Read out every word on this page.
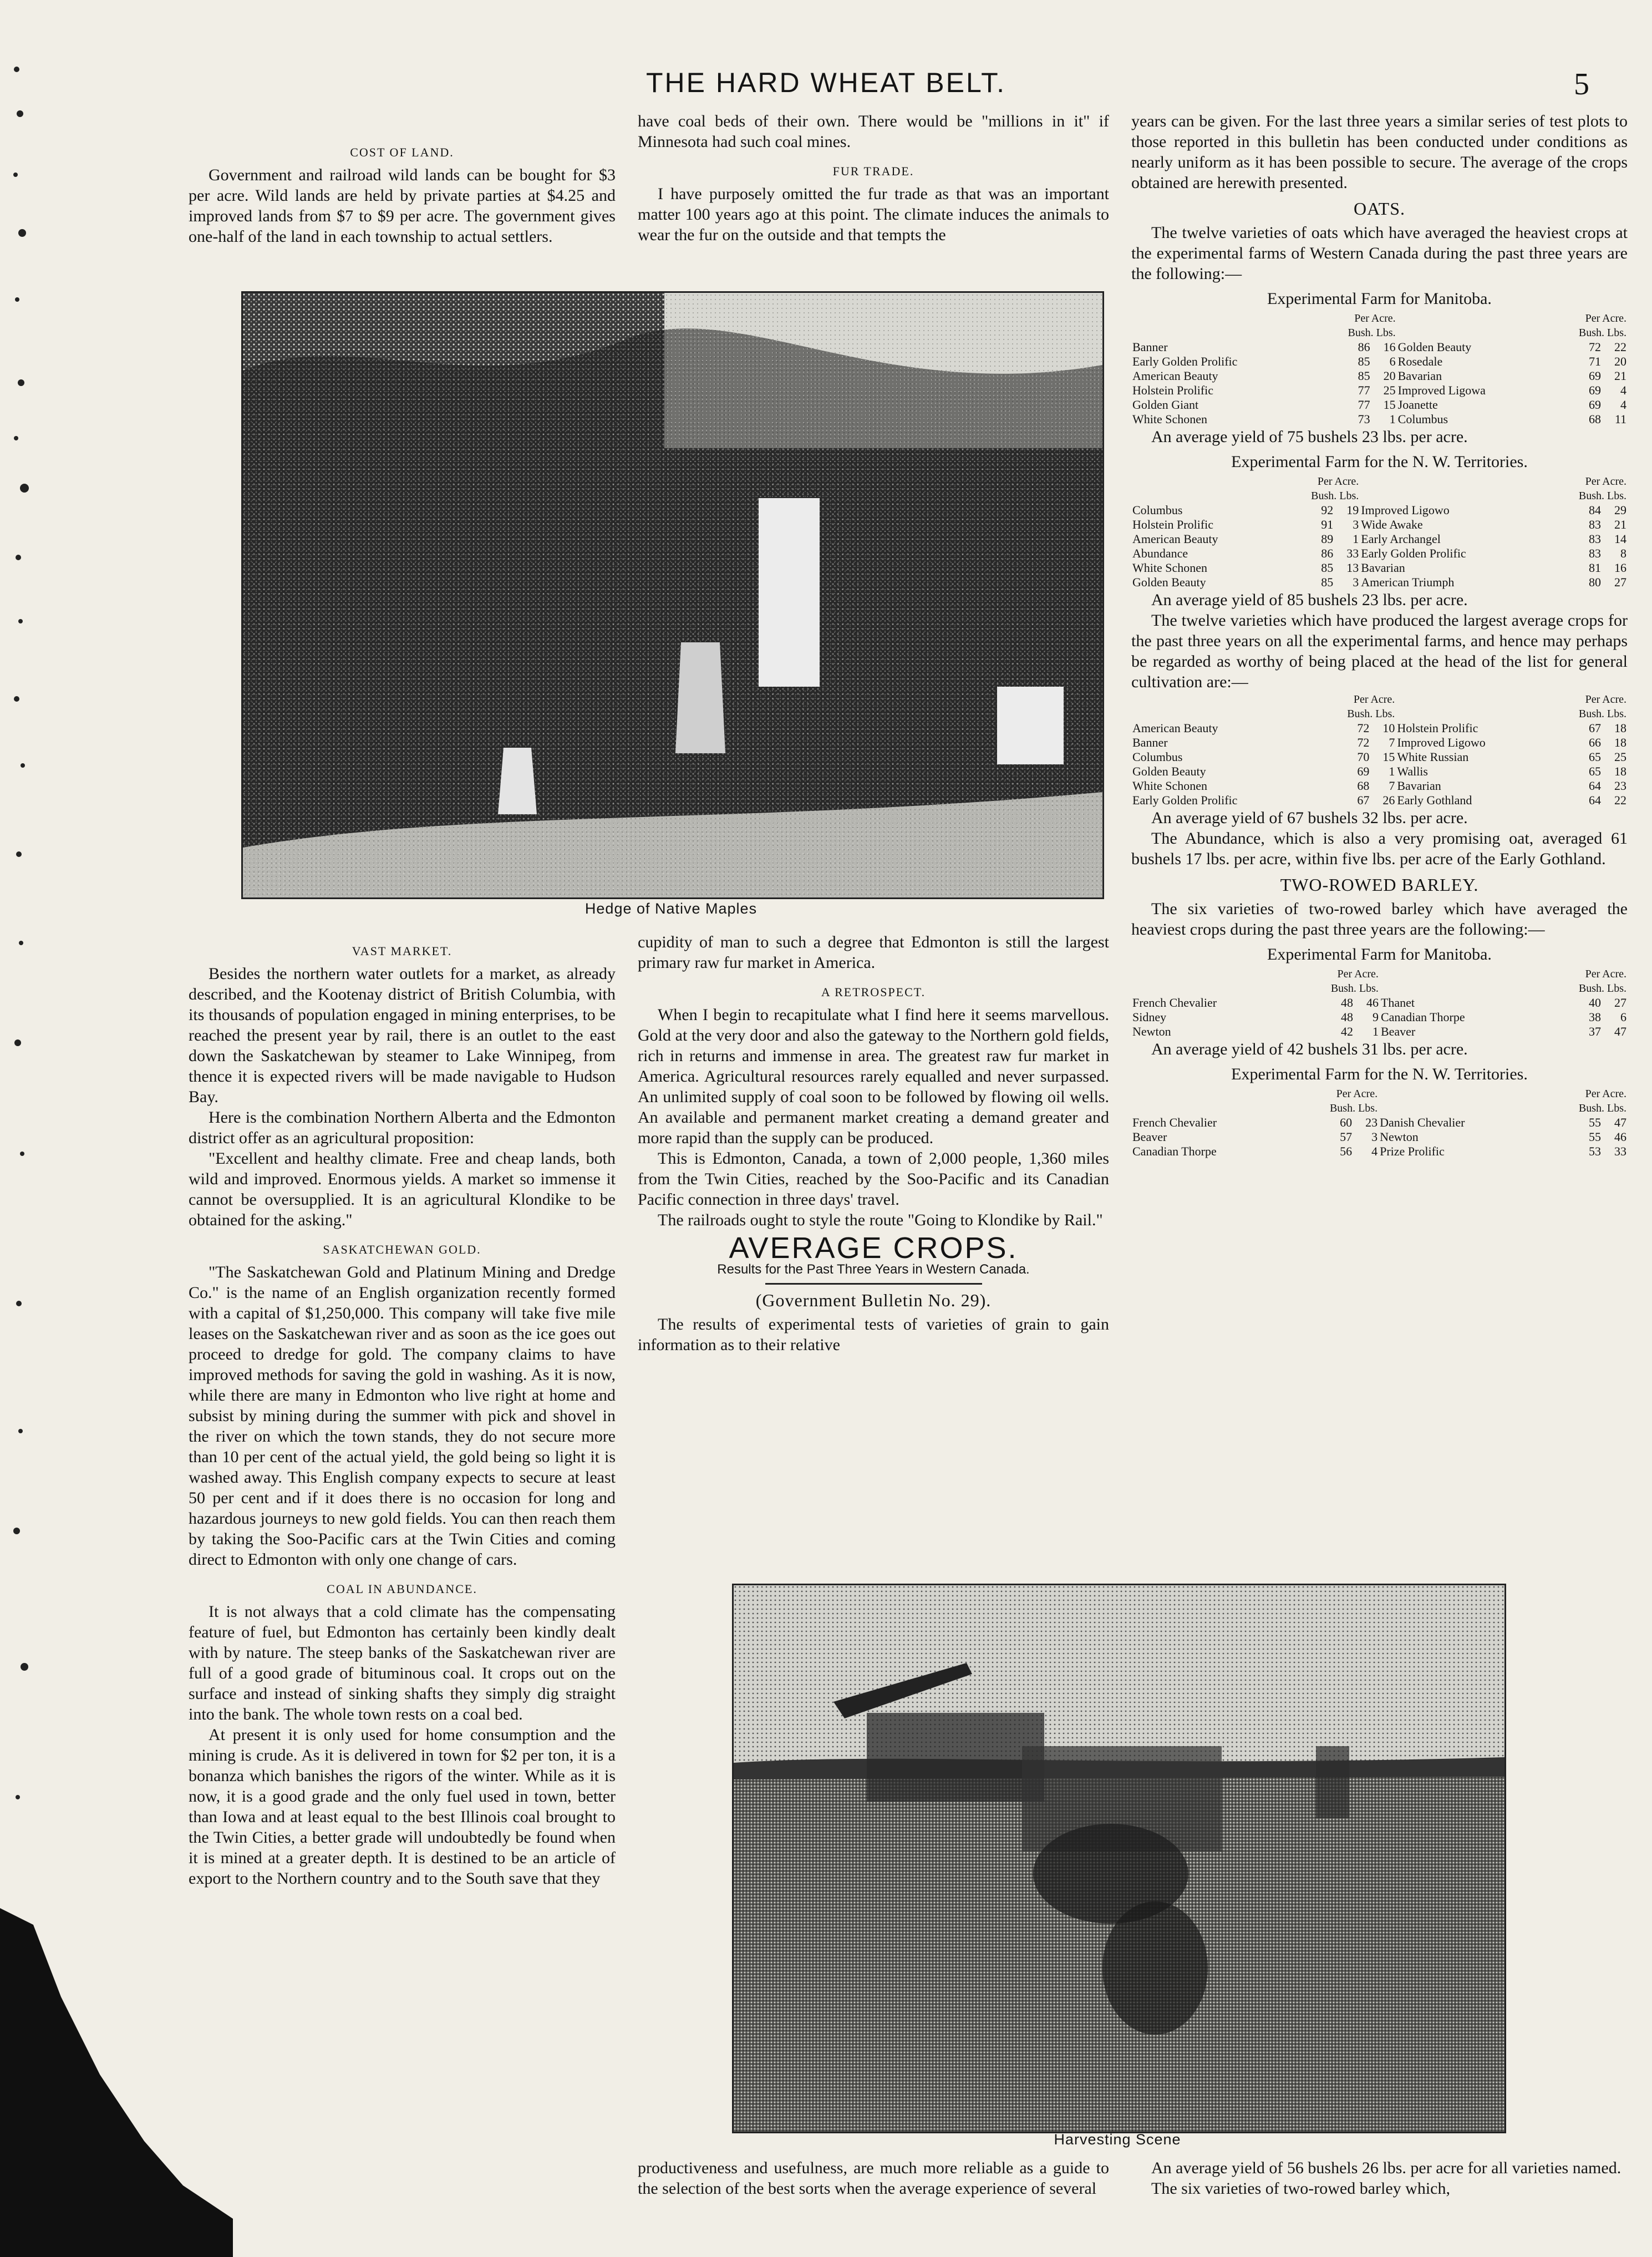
THE HARD WHEAT BELT.	5
COST OF LAND.

Government and railroad wild lands can be bought for $3 per acre. Wild lands are held by private parties at $4.25 and improved lands from $7 to $9 per acre. The government gives one-half of the land in each township to actual settlers.

have coal beds of their own. There would be "millions in it" if Minnesota had such coal mines.

FUR TRADE.

I have purposely omitted the fur trade as that was an important matter 100 years ago at this point. The climate induces the animals to wear the fur on the outside and that tempts the

Hedge of Native Maples
VAST MARKET.

Besides the northern water outlets for a market, as already described, and the Kootenay district of British Columbia, with its thousands of population engaged in mining enterprises, to be reached the present year by rail, there is an outlet to the east down the Saskatchewan by steamer to Lake Winnipeg, from thence it is expected rivers will be made navigable to Hudson Bay.

Here is the combination Northern Alberta and the Edmonton district offer as an agricultural proposition:

"Excellent and healthy climate. Free and cheap lands, both wild and improved. Enormous yields. A market so immense it cannot be oversupplied. It is an agricultural Klondike to be obtained for the asking."

SASKATCHEWAN GOLD.

"The Saskatchewan Gold and Platinum Mining and Dredge Co." is the name of an English organization recently formed with a capital of $1,250,000. This company will take five mile leases on the Saskatchewan river and as soon as the ice goes out proceed to dredge for gold. The company claims to have improved methods for saving the gold in washing. As it is now, while there are many in Edmonton who live right at home and subsist by mining during the summer with pick and shovel in the river on which the town stands, they do not secure more than 10 per cent of the actual yield, the gold being so light it is washed away. This English company expects to secure at least 50 per cent and if it does there is no occasion for long and hazardous journeys to new gold fields. You can then reach them by taking the Soo-Pacific cars at the Twin Cities and coming direct to Edmonton with only one change of cars.

COAL IN ABUNDANCE.

It is not always that a cold climate has the compensating feature of fuel, but Edmonton has certainly been kindly dealt with by nature. The steep banks of the Saskatchewan river are full of a good grade of bituminous coal. It crops out on the surface and instead of sinking shafts they simply dig straight into the bank. The whole town rests on a coal bed.

At present it is only used for home consumption and the mining is crude. As it is delivered in town for $2 per ton, it is a bonanza which banishes the rigors of the winter. While as it is now, it is a good grade and the only fuel used in town, better than Iowa and at least equal to the best Illinois coal brought to the Twin Cities, a better grade will undoubtedly be found when it is mined at a greater depth. It is destined to be an article of export to the Northern country and to the South save that they

cupidity of man to such a degree that Edmonton is still the largest primary raw fur market in America.

A RETROSPECT.

When I begin to recapitulate what I find here it seems marvellous. Gold at the very door and also the gateway to the Northern gold fields, rich in returns and immense in area. The greatest raw fur market in America. Agricultural resources rarely equalled and never surpassed. An unlimited supply of coal soon to be followed by flowing oil wells. An available and permanent market creating a demand greater and more rapid than the supply can be produced.

This is Edmonton, Canada, a town of 2,000 people, 1,360 miles from the Twin Cities, reached by the Soo-Pacific and its Canadian Pacific connection in three days' travel.

The railroads ought to style the route "Going to Klondike by Rail."

AVERAGE CROPS.
Results for the Past Three Years in Western Canada.
(Government Bulletin No. 29).

The results of experimental tests of varieties of grain to gain information as to their relative

years can be given. For the last three years a similar series of test plots to those reported in this bulletin has been conducted under conditions as nearly uniform as it has been possible to secure. The average of the crops obtained are herewith presented.

OATS.

The twelve varieties of oats which have averaged the heaviest crops at the experimental farms of Western Canada during the past three years are the following:—

Experimental Farm for Manitoba.
	Per Acre.			Per Acre.	
	Bush. Lbs.			Bush. Lbs.	
Banner	86	16	Golden Beauty	72	22
Early Golden Prolific	85	6	Rosedale	71	20
American Beauty	85	20	Bavarian	69	21
Holstein Prolific	77	25	Improved Ligowa	69	4
Golden Giant	77	15	Joanette	69	4
White Schonen	73	1	Columbus	68	11

An average yield of 75 bushels 23 lbs. per acre.

Experimental Farm for the N. W. Territories.
	Per Acre.			Per Acre.	
	Bush. Lbs.			Bush. Lbs.	
Columbus	92	19	Improved Ligowo	84	29
Holstein Prolific	91	3	Wide Awake	83	21
American Beauty	89	1	Early Archangel	83	14
Abundance	86	33	Early Golden Prolific	83	8
White Schonen	85	13	Bavarian	81	16
Golden Beauty	85	3	American Triumph	80	27

An average yield of 85 bushels 23 lbs. per acre.

The twelve varieties which have produced the largest average crops for the past three years on all the experimental farms, and hence may perhaps be regarded as worthy of being placed at the head of the list for general cultivation are:—

	Per Acre.			Per Acre.	
	Bush. Lbs.			Bush. Lbs.	
American Beauty	72	10	Holstein Prolific	67	18
Banner	72	7	Improved Ligowo	66	18
Columbus	70	15	White Russian	65	25
Golden Beauty	69	1	Wallis	65	18
White Schonen	68	7	Bavarian	64	23
Early Golden Prolific	67	26	Early Gothland	64	22

An average yield of 67 bushels 32 lbs. per acre.

The Abundance, which is also a very promising oat, averaged 61 bushels 17 lbs. per acre, within five lbs. per acre of the Early Gothland.

TWO-ROWED BARLEY.

The six varieties of two-rowed barley which have averaged the heaviest crops during the past three years are the following:—

Experimental Farm for Manitoba.
	Per Acre.			Per Acre.	
	Bush. Lbs.			Bush. Lbs.	
French Chevalier	48	46	Thanet	40	27
Sidney	48	9	Canadian Thorpe	38	6
Newton	42	1	Beaver	37	47

An average yield of 42 bushels 31 lbs. per acre.

Experimental Farm for the N. W. Territories.
	Per Acre.			Per Acre.	
	Bush. Lbs.			Bush. Lbs.	
French Chevalier	60	23	Danish Chevalier	55	47
Beaver	57	3	Newton	55	46
Canadian Thorpe	56	4	Prize Prolific	53	33
Harvesting Scene

productiveness and usefulness, are much more reliable as a guide to the selection of the best sorts when the average experience of several

An average yield of 56 bushels 26 lbs. per acre for all varieties named.

The six varieties of two-rowed barley which,
